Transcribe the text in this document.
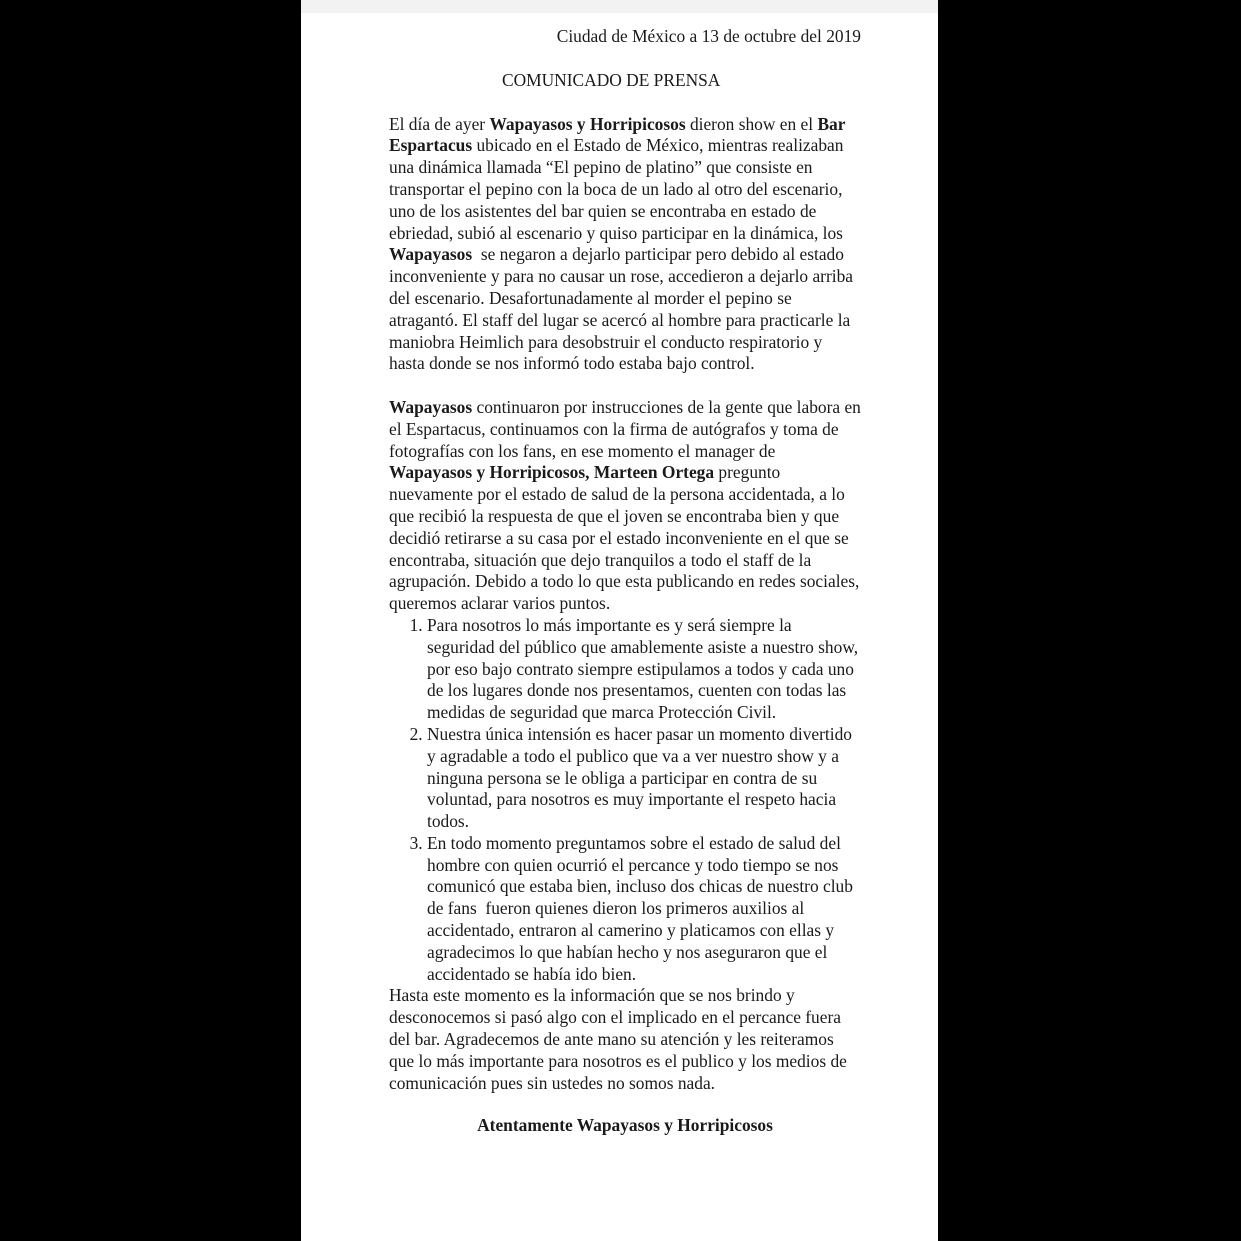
Ciudad de México a 13 de octubre del 2019
COMUNICADO DE PRENSA

El día de ayer Wapayasos y Horripicosos dieron show en el Bar Espartacus ubicado en el Estado de México, mientras realizaban una dinámica llamada “El pepino de platino” que consiste en transportar el pepino con la boca de un lado al otro del escenario, uno de los asistentes del bar quien se encontraba en estado de ebriedad, subió al escenario y quiso participar en la dinámica, los Wapayasos  se negaron a dejarlo participar pero debido al estado inconveniente y para no causar un rose, accedieron a dejarlo arriba del escenario. Desafortunadamente al morder el pepino se atragantó. El staff del lugar se acercó al hombre para practicarle la maniobra Heimlich para desobstruir el conducto respiratorio y hasta donde se nos informó todo estaba bajo control.

Wapayasos continuaron por instrucciones de la gente que labora en el Espartacus, continuamos con la firma de autógrafos y toma de fotografías con los fans, en ese momento el manager de Wapayasos y Horripicosos, Marteen Ortega pregunto nuevamente por el estado de salud de la persona accidentada, a lo que recibió la respuesta de que el joven se encontraba bien y que decidió retirarse a su casa por el estado inconveniente en el que se encontraba, situación que dejo tranquilos a todo el staff de la agrupación. Debido a todo lo que esta publicando en redes sociales, queremos aclarar varios puntos.

1. Para nosotros lo más importante es y será siempre la seguridad del público que amablemente asiste a nuestro show, por eso bajo contrato siempre estipulamos a todos y cada uno de los lugares donde nos presentamos, cuenten con todas las medidas de seguridad que marca Protección Civil.
2. Nuestra única intensión es hacer pasar un momento divertido y agradable a todo el publico que va a ver nuestro show y a ninguna persona se le obliga a participar en contra de su voluntad, para nosotros es muy importante el respeto hacia todos.
3. En todo momento preguntamos sobre el estado de salud del hombre con quien ocurrió el percance y todo tiempo se nos comunicó que estaba bien, incluso dos chicas de nuestro club de fans  fueron quienes dieron los primeros auxilios al accidentado, entraron al camerino y platicamos con ellas y agradecimos lo que habían hecho y nos aseguraron que el accidentado se había ido bien.

Hasta este momento es la información que se nos brindo y desconocemos si pasó algo con el implicado en el percance fuera del bar. Agradecemos de ante mano su atención y les reiteramos que lo más importante para nosotros es el publico y los medios de comunicación pues sin ustedes no somos nada.

Atentamente Wapayasos y Horripicosos
